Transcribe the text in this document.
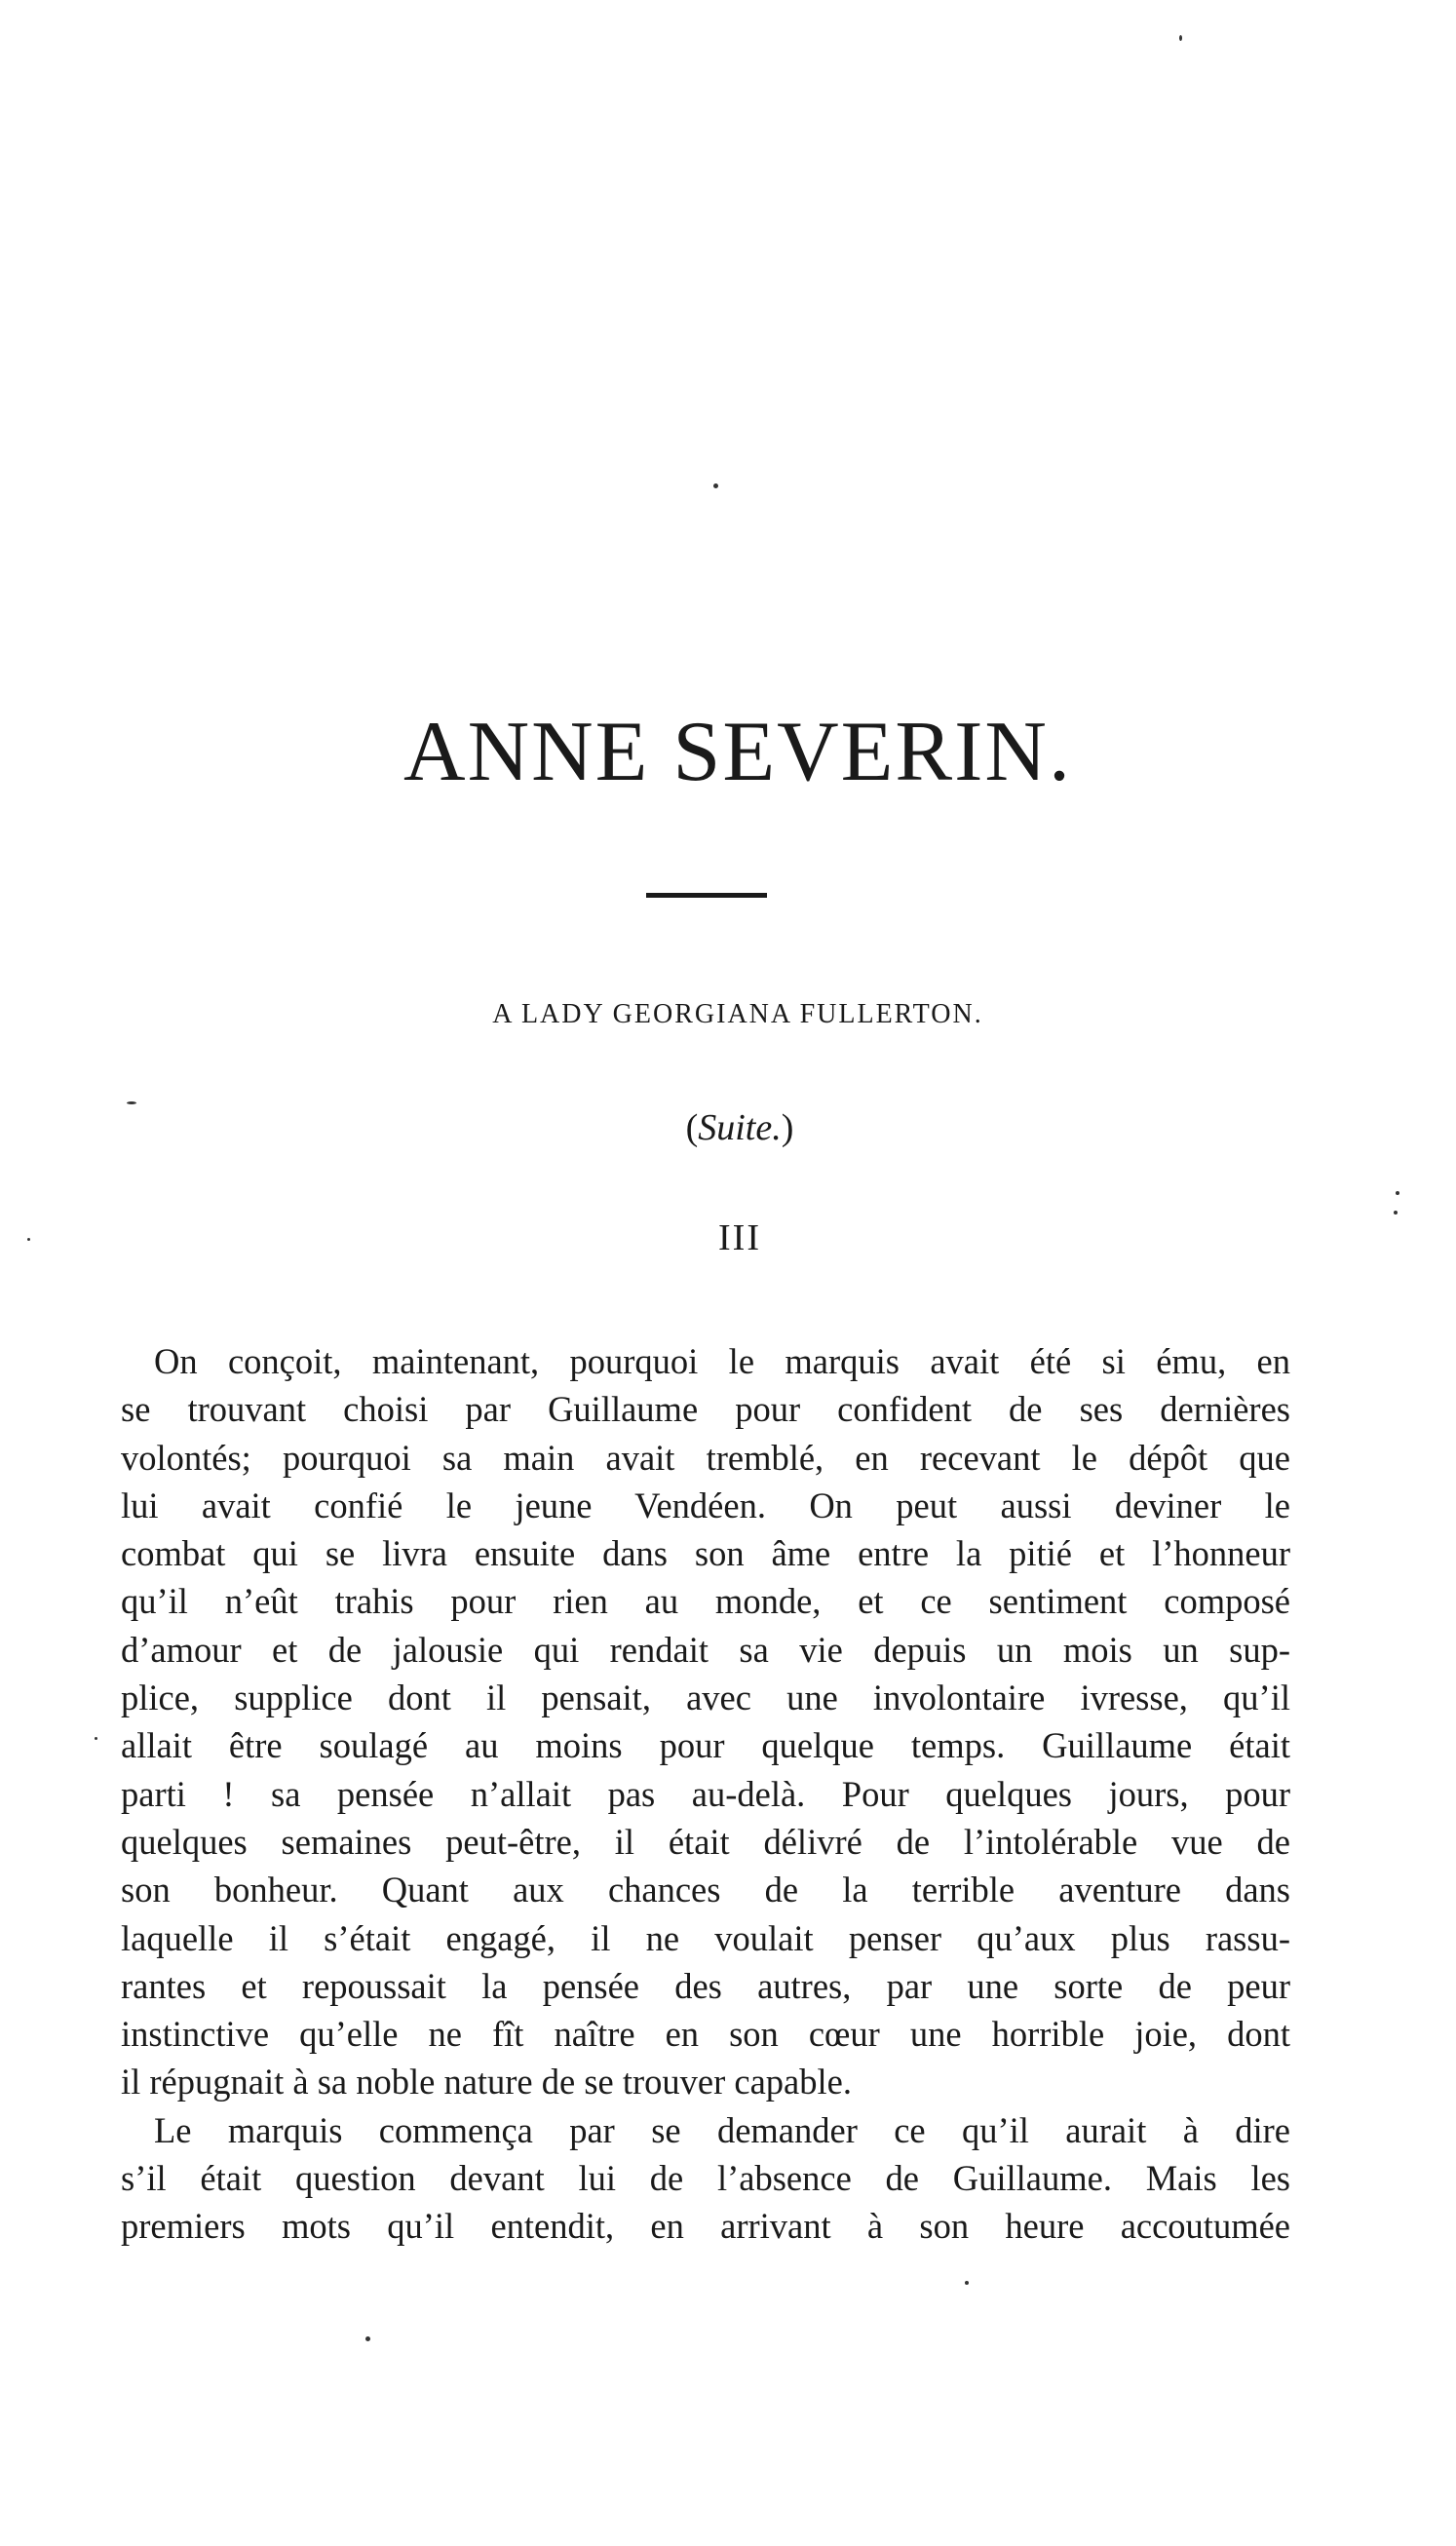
ANNE SEVERIN.
A LADY GEORGIANA FULLERTON.
(Suite.)
III
On conçoit, maintenant, pourquoi le marquis avait été si ému, en
se trouvant choisi par Guillaume pour confident de ses dernières
volontés; pourquoi sa main avait tremblé, en recevant le dépôt que
lui avait confié le jeune Vendéen. On peut aussi deviner le
combat qui se livra ensuite dans son âme entre la pitié et l’honneur
qu’il n’eût trahis pour rien au monde, et ce sentiment composé
d’amour et de jalousie qui rendait sa vie depuis un mois un sup-
plice, supplice dont il pensait, avec une involontaire ivresse, qu’il
allait être soulagé au moins pour quelque temps. Guillaume était
parti ! sa pensée n’allait pas au-delà. Pour quelques jours, pour
quelques semaines peut-être, il était délivré de l’intolérable vue de
son bonheur. Quant aux chances de la terrible aventure dans
laquelle il s’était engagé, il ne voulait penser qu’aux plus rassu-
rantes et repoussait la pensée des autres, par une sorte de peur
instinctive qu’elle ne fît naître en son cœur une horrible joie, dont
il répugnait à sa noble nature de se trouver capable.
Le marquis commença par se demander ce qu’il aurait à dire
s’il était question devant lui de l’absence de Guillaume. Mais les
premiers mots qu’il entendit, en arrivant à son heure accoutumée
